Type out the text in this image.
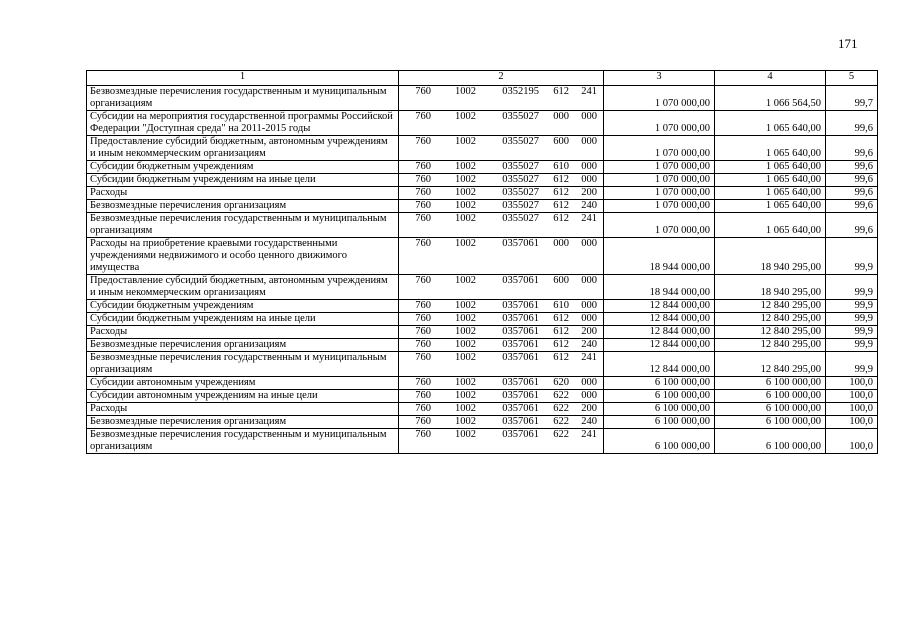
171
1	2	3	4	5
Безвозмездные перечисления государственным и муниципальным организациям	760 1002 0352195 612 241	1 070 000,00	1 066 564,50	99,7
Субсидии на мероприятия государственной программы Российской Федерации "Доступная среда" на 2011-2015 годы	760 1002 0355027 000 000	1 070 000,00	1 065 640,00	99,6
Предоставление субсидий бюджетным, автономным учреждениям и иным некоммерческим организациям	760 1002 0355027 600 000	1 070 000,00	1 065 640,00	99,6
Субсидии бюджетным учреждениям	760 1002 0355027 610 000	1 070 000,00	1 065 640,00	99,6
Субсидии бюджетным учреждениям на иные цели	760 1002 0355027 612 000	1 070 000,00	1 065 640,00	99,6
Расходы	760 1002 0355027 612 200	1 070 000,00	1 065 640,00	99,6
Безвозмездные перечисления организациям	760 1002 0355027 612 240	1 070 000,00	1 065 640,00	99,6
Безвозмездные перечисления государственным и муниципальным организациям	760 1002 0355027 612 241	1 070 000,00	1 065 640,00	99,6
Расходы на приобретение краевыми государственными учреждениями недвижимого и особо ценного движимого имущества	760 1002 0357061 000 000	18 944 000,00	18 940 295,00	99,9
Предоставление субсидий бюджетным, автономным учреждениям и иным некоммерческим организациям	760 1002 0357061 600 000	18 944 000,00	18 940 295,00	99,9
Субсидии бюджетным учреждениям	760 1002 0357061 610 000	12 844 000,00	12 840 295,00	99,9
Субсидии бюджетным учреждениям на иные цели	760 1002 0357061 612 000	12 844 000,00	12 840 295,00	99,9
Расходы	760 1002 0357061 612 200	12 844 000,00	12 840 295,00	99,9
Безвозмездные перечисления организациям	760 1002 0357061 612 240	12 844 000,00	12 840 295,00	99,9
Безвозмездные перечисления государственным и муниципальным организациям	760 1002 0357061 612 241	12 844 000,00	12 840 295,00	99,9
Субсидии автономным учреждениям	760 1002 0357061 620 000	6 100 000,00	6 100 000,00	100,0
Субсидии автономным учреждениям на иные цели	760 1002 0357061 622 000	6 100 000,00	6 100 000,00	100,0
Расходы	760 1002 0357061 622 200	6 100 000,00	6 100 000,00	100,0
Безвозмездные перечисления организациям	760 1002 0357061 622 240	6 100 000,00	6 100 000,00	100,0
Безвозмездные перечисления государственным и муниципальным организациям	760 1002 0357061 622 241	6 100 000,00	6 100 000,00	100,0
